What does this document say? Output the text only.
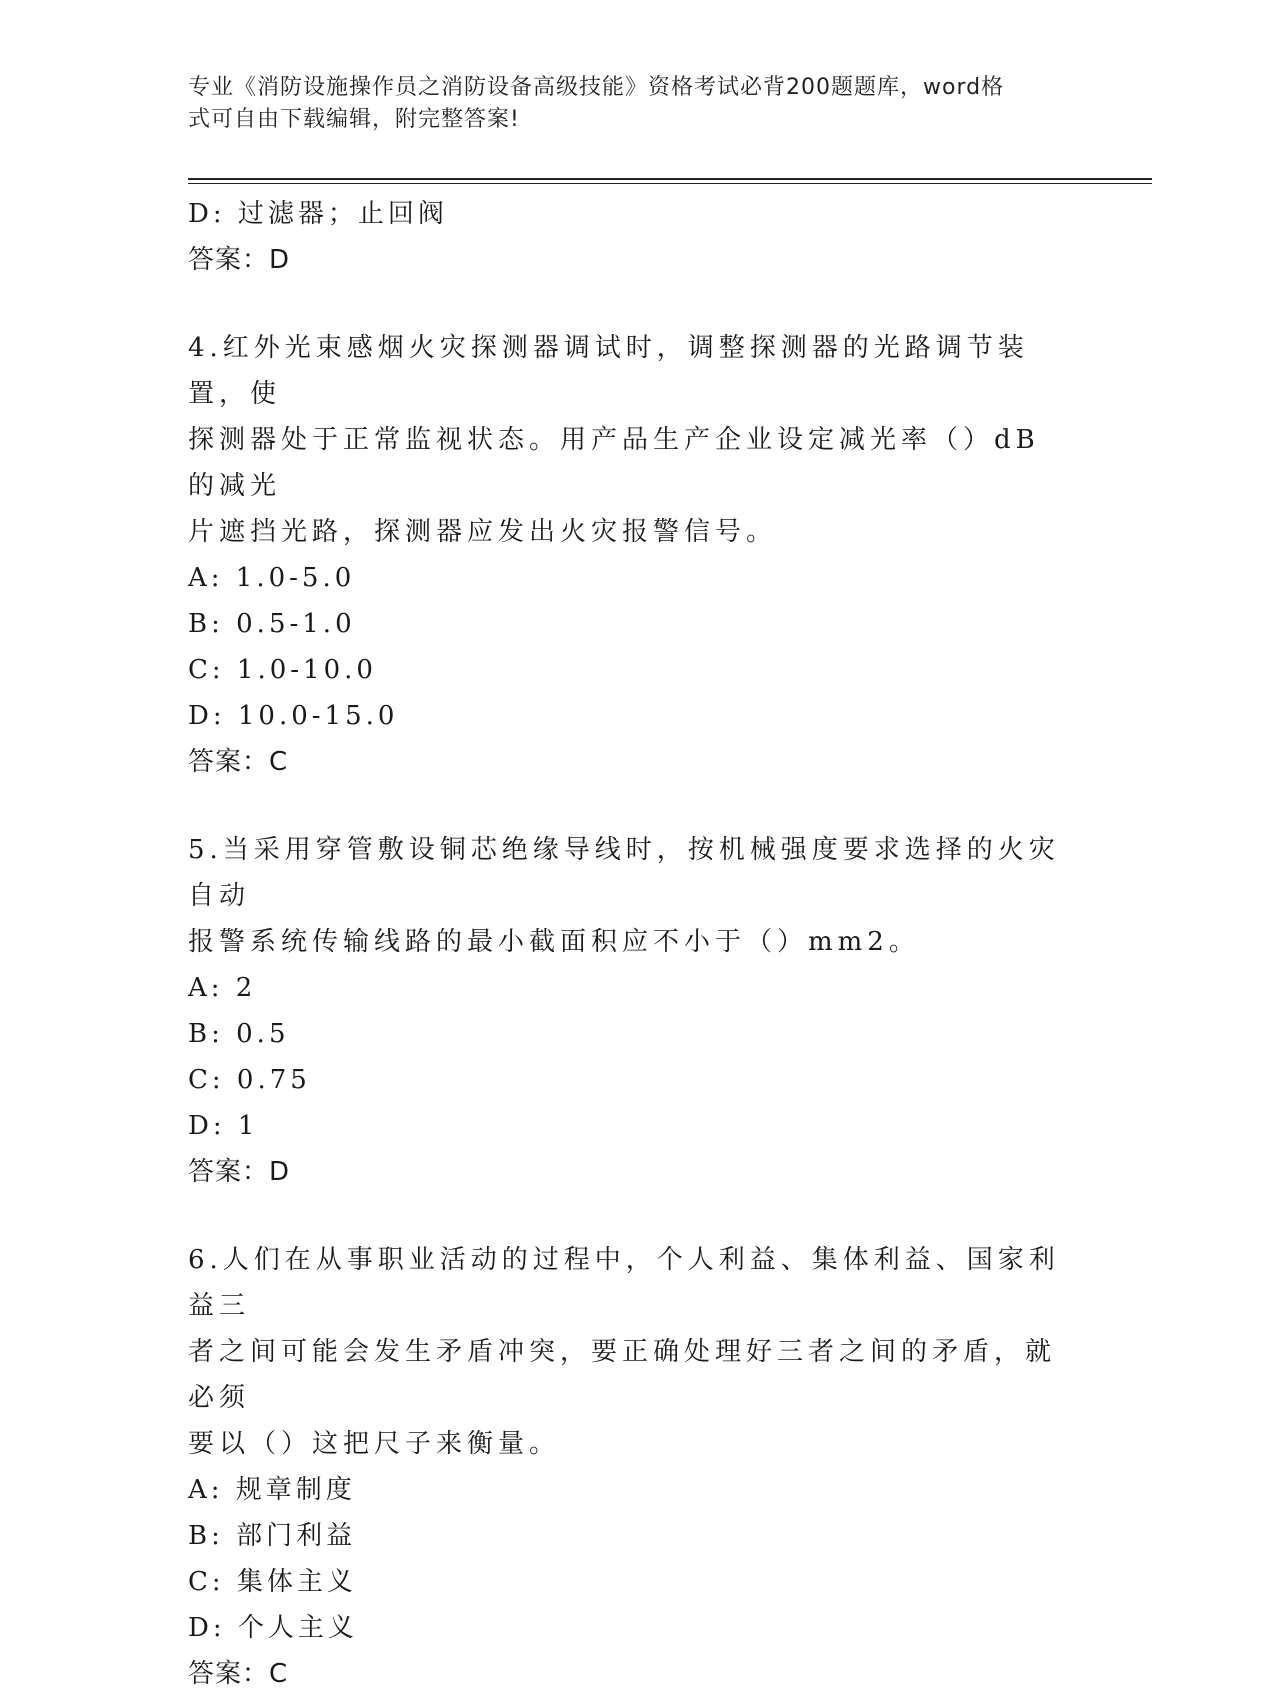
专业《消防设施操作员之消防设备高级技能》资格考试必背200题题库，word格
式可自由下载编辑，附完整答案!
D: 过滤器；止回阀
答案：D
4.红外光束感烟火灾探测器调试时，调整探测器的光路调节装置，使
探测器处于正常监视状态。用产品生产企业设定减光率（）dB的减光
片遮挡光路，探测器应发出火灾报警信号。
A: 1.0-5.0
B: 0.5-1.0
C: 1.0-10.0
D: 10.0-15.0
答案：C
5.当采用穿管敷设铜芯绝缘导线时，按机械强度要求选择的火灾自动
报警系统传输线路的最小截面积应不小于（）mm2。
A: 2
B: 0.5
C: 0.75
D: 1
答案：D
6.人们在从事职业活动的过程中，个人利益、集体利益、国家利益三
者之间可能会发生矛盾冲突，要正确处理好三者之间的矛盾，就必须
要以（）这把尺子来衡量。
A: 规章制度
B: 部门利益
C: 集体主义
D: 个人主义
答案：C
